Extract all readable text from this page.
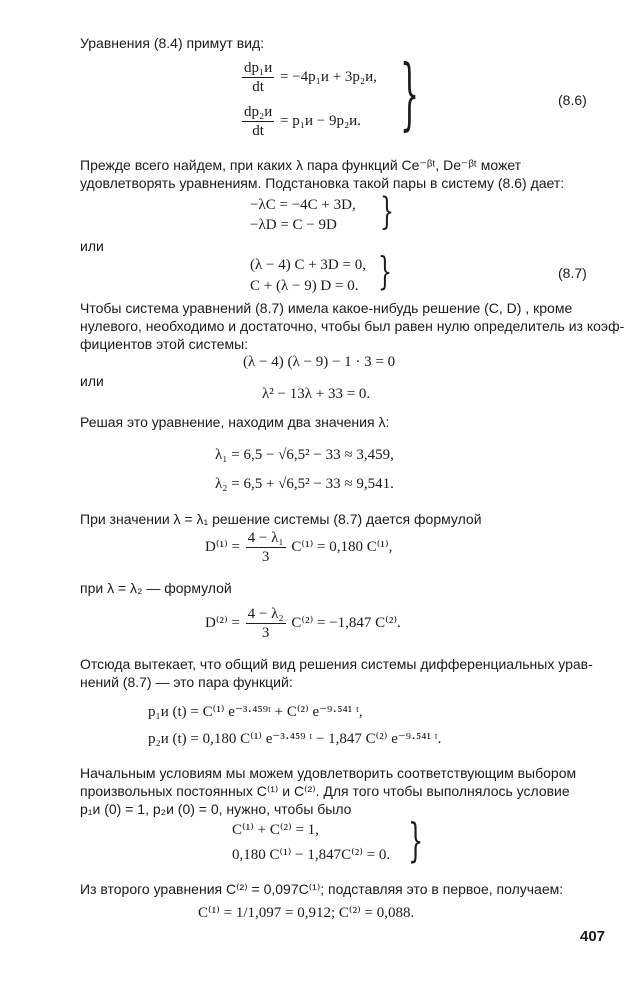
Уравнения (8.4) примут вид:
$\frac{\text{dp₁и}}{dt} = -4p_1и + 3p_2и$,
$\frac{\text{dp₂и}}{dt} = p_1и - 9p_2и$. }	(8.6)
Прежде всего найдем, при каких λ пара функций Ce⁻ᵝᵗ, De⁻ᵝᵗ может
удовлетворять уравнениям. Подстановка такой пары в систему (8.6) дает:
−λC = −4C + 3D,
−λD = C − 9D }
или
(λ − 4) C + 3D = 0,
C + (λ − 9) D = 0. }	(8.7)
Чтобы система уравнений (8.7) имела какое-нибудь решение (C, D) , кроме
нулевого, необходимо и достаточно, чтобы был равен нулю определитель из коэф-
фициентов этой системы:
(λ − 4) (λ − 9) − 1 · 3 = 0
или
λ² − 13λ + 33 = 0.
Решая это уравнение, находим два значения λ:
λ₁ = 6,5 − √6,5² − 33 ≈ 3,459,
λ₂ = 6,5 + √6,5² − 33 ≈ 9,541.
При значении λ = λ₁ решение системы (8.7) дается формулой
$D^{(1)} = \frac{\text{4 − λ₁}}{3} C^{(1)} = 0,180$ C⁽¹⁾,
при λ = λ₂ — формулой
$D^{(2)} = \frac{\text{4 − λ₂}}{3} C^{(2)} = -1,847$ C⁽²⁾.
Отсюда вытекает, что общий вид решения системы дифференциальных урав-
нений (8.7) — это пара функций:
p₁и (t) = C⁽¹⁾ e⁻³·⁴⁵⁹ᵗ + C⁽²⁾ e⁻⁹·⁵⁴¹ ᵗ,
p₂и (t) = 0,180 C⁽¹⁾ e⁻³·⁴⁵⁹ ᵗ − 1,847 C⁽²⁾ e⁻⁹·⁵⁴¹ ᵗ.
Начальным условиям мы можем удовлетворить соответствующим выбором
произвольных постоянных C⁽¹⁾ и C⁽²⁾. Для того чтобы выполнялось условие
p₁и (0) = 1, p₂и (0) = 0, нужно, чтобы было
C⁽¹⁾ + C⁽²⁾ = 1,
0,180 C⁽¹⁾ − 1,847C⁽²⁾ = 0. }
Из второго уравнения C⁽²⁾ = 0,097C⁽¹⁾; подставляя это в первое, получаем:
C⁽¹⁾ = 1/1,097 = 0,912; C⁽²⁾ = 0,088.
407
